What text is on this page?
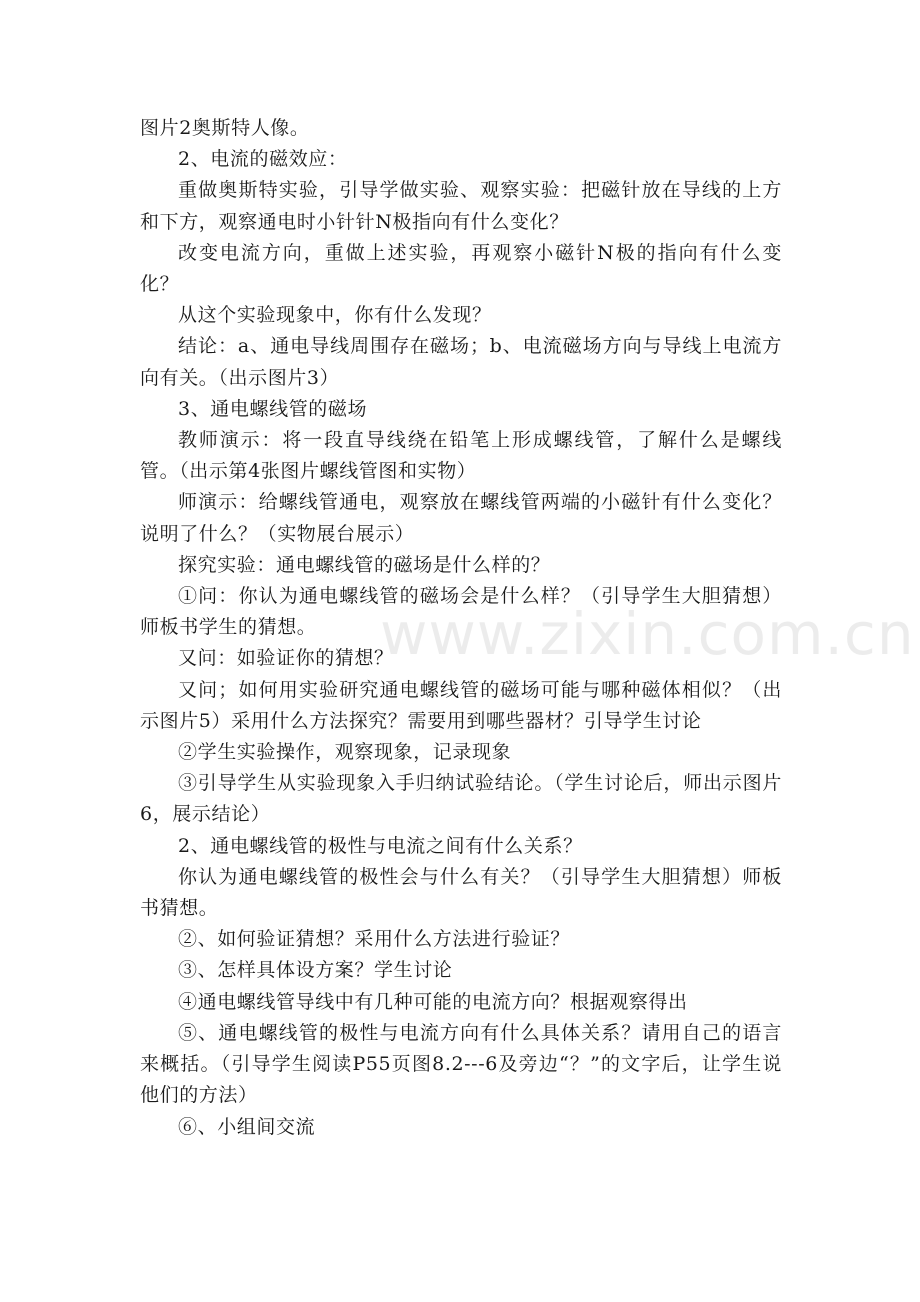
www.zixin.com.cn

图片2奥斯特人像。

2、电流的磁效应：

重做奥斯特实验，引导学做实验、观察实验：把磁针放在导线的上方和下方，观察通电时小针针N极指向有什么变化？

改变电流方向，重做上述实验，再观察小磁针N极的指向有什么变化？

从这个实验现象中，你有什么发现？

结论：a、通电导线周围存在磁场；b、电流磁场方向与导线上电流方向有关。（出示图片3）

3、通电螺线管的磁场

教师演示：将一段直导线绕在铅笔上形成螺线管，了解什么是螺线管。（出示第4张图片螺线管图和实物）

师演示：给螺线管通电，观察放在螺线管两端的小磁针有什么变化？说明了什么？（实物展台展示）

探究实验：通电螺线管的磁场是什么样的？

①问：你认为通电螺线管的磁场会是什么样？（引导学生大胆猜想）师板书学生的猜想。

又问：如验证你的猜想？

又问；如何用实验研究通电螺线管的磁场可能与哪种磁体相似？（出示图片5）采用什么方法探究？需要用到哪些器材？引导学生讨论

②学生实验操作，观察现象，记录现象

③引导学生从实验现象入手归纳试验结论。（学生讨论后，师出示图片6，展示结论）

2、通电螺线管的极性与电流之间有什么关系？

你认为通电螺线管的极性会与什么有关？（引导学生大胆猜想）师板书猜想。

②、如何验证猜想？采用什么方法进行验证？

③、怎样具体设方案？学生讨论

④通电螺线管导线中有几种可能的电流方向？根据观察得出

⑤、通电螺线管的极性与电流方向有什么具体关系？请用自己的语言来概括。（引导学生阅读P55页图8.2---6及旁边“？”的文字后，让学生说他们的方法）

⑥、小组间交流
